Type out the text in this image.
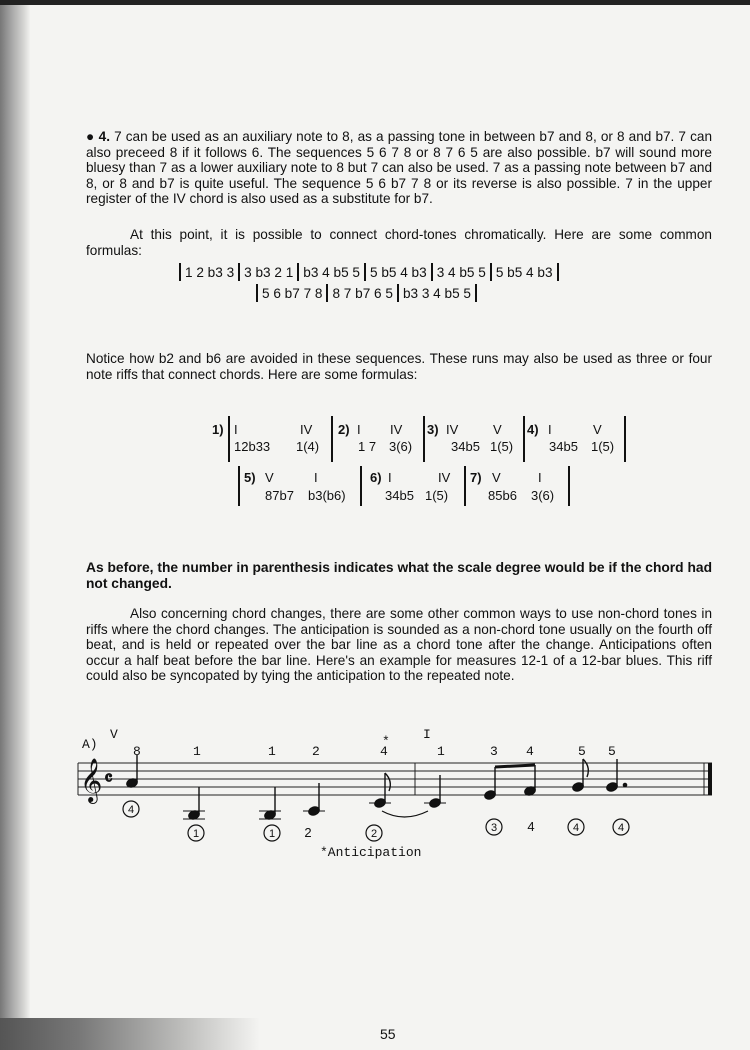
● 4. 7 can be used as an auxiliary note to 8, as a passing tone in between b7 and 8, or 8 and b7. 7 can also preceed 8 if it follows 6. The sequences 5 6 7 8 or 8 7 6 5 are also possible. b7 will sound more bluesy than 7 as a lower auxiliary note to 8 but 7 can also be used. 7 as a passing note between b7 and 8, or 8 and b7 is quite useful. The sequence 5 6 b7 7 8 or its reverse is also possible. 7 in the upper register of the IV chord is also used as a substitute for b7.
At this point, it is possible to connect chord-tones chromatically. Here are some common formulas:
1 2 b3 3 3 b3 2 1 b3 4 b5 5 5 b5 4 b3 3 4 b5 5 5 b5 4 b3
5 6 b7 7 8 8 7 b7 6 5 b3 3 4 b5 5
Notice how b2 and b6 are avoided in these sequences. These runs may also be used as three or four note riffs that connect chords. Here are some formulas:
1) I	IV
12b33 1(4)
2) I IV
1 7 3(6)
3) IV	V
34b5 1(5)
4) I	V
34b5 1(5)
5) V	I
87b7 b3(b6)
6) I	IV
34b5 1(5)
7) V	I
85b6 3(6)
As before, the number in parenthesis indicates what the scale degree would be if the chord had not changed.
Also concerning chord changes, there are some other common ways to use non-chord tones in riffs where the chord changes. The anticipation is sounded as a non-chord tone usually on the fourth off beat, and is held or repeated over the bar line as a chord tone after the change. Anticipations often occur a half beat before the bar line. Here's an example for measures 12-1 of a 12-bar blues. This riff could also be syncopated by tying the anticipation to the repeated note.
A)
V	I
*
8	1	1	2	4	1	3 4	5 5
𝄞 𝄴
4
1	1 2	2	3 4	4	4
*Anticipation
55
